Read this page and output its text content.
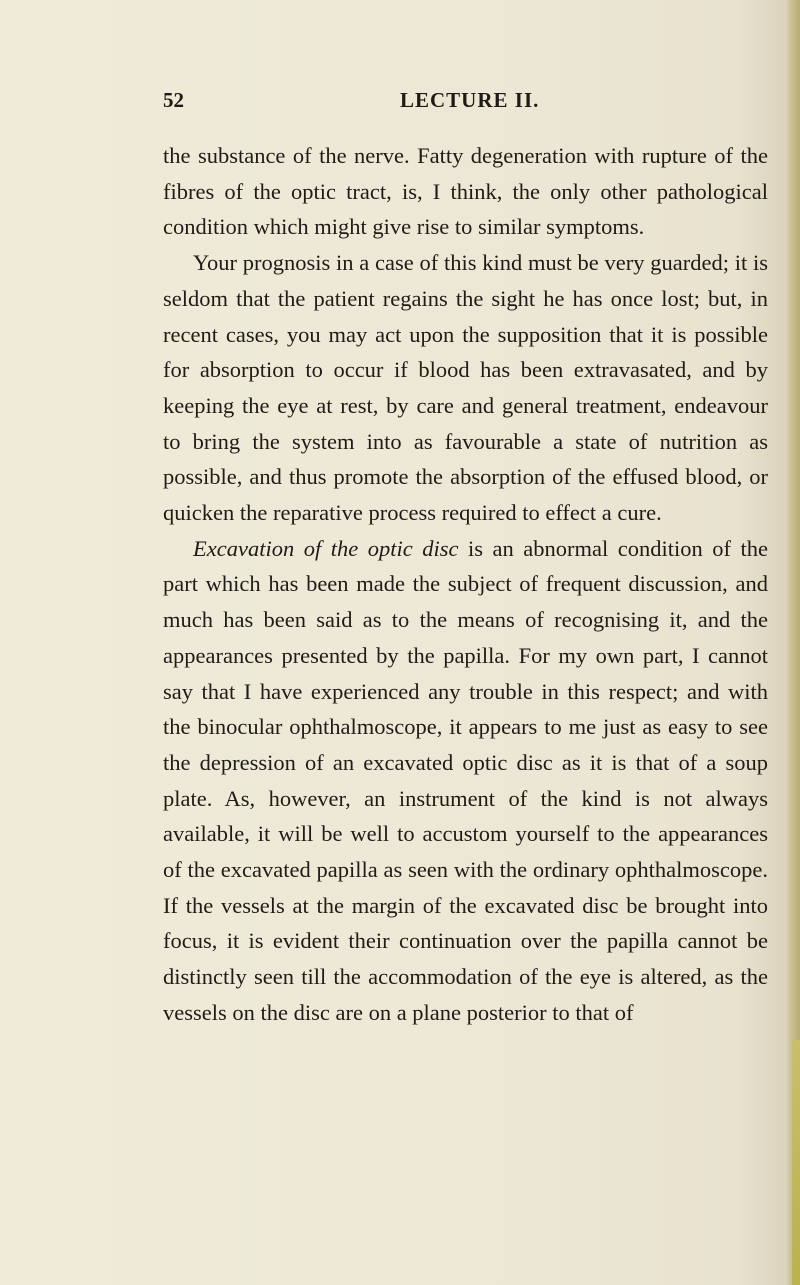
52	LECTURE II.

the substance of the nerve. Fatty degeneration with rupture of the fibres of the optic tract, is, I think, the only other pathological condition which might give rise to similar symptoms.

Your prognosis in a case of this kind must be very guarded; it is seldom that the patient regains the sight he has once lost; but, in recent cases, you may act upon the supposition that it is possible for absorption to occur if blood has been extravasated, and by keeping the eye at rest, by care and general treatment, endeavour to bring the system into as favourable a state of nutrition as possible, and thus promote the absorption of the effused blood, or quicken the reparative process required to effect a cure.

Excavation of the optic disc is an abnormal condition of the part which has been made the subject of frequent discussion, and much has been said as to the means of recognising it, and the appearances presented by the papilla. For my own part, I cannot say that I have experienced any trouble in this respect; and with the binocular ophthalmoscope, it appears to me just as easy to see the depression of an excavated optic disc as it is that of a soup plate. As, however, an instrument of the kind is not always available, it will be well to accustom yourself to the appearances of the excavated papilla as seen with the ordinary ophthalmoscope. If the vessels at the margin of the excavated disc be brought into focus, it is evident their continuation over the papilla cannot be distinctly seen till the accommodation of the eye is altered, as the vessels on the disc are on a plane posterior to that of
